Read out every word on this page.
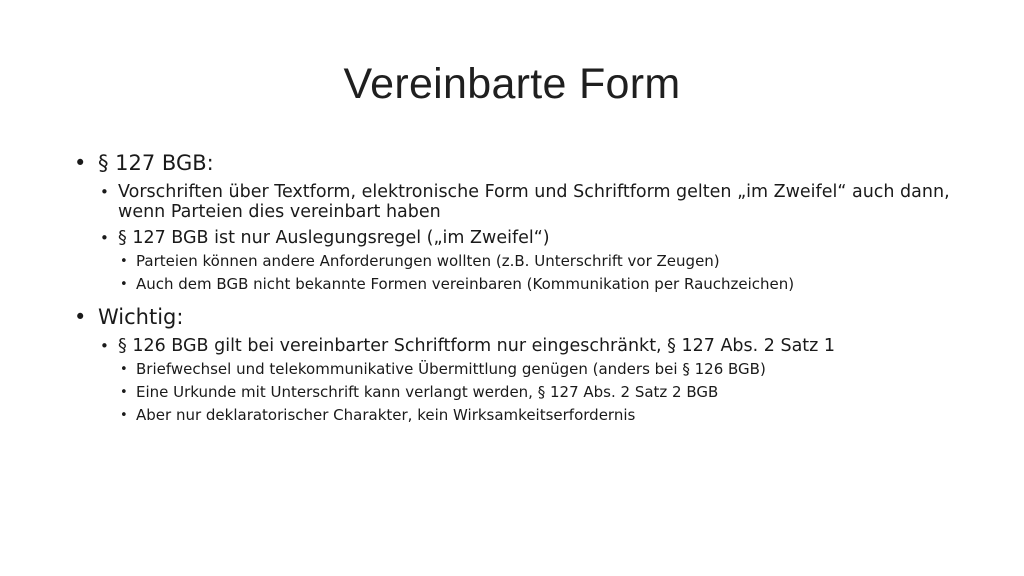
Vereinbarte Form
• § 127 BGB:
• Vorschriften über Textform, elektronische Form und Schriftform gelten „im Zweifel“ auch dann, wenn Parteien dies vereinbart haben
• § 127 BGB ist nur Auslegungsregel („im Zweifel“)
• Parteien können andere Anforderungen wollten (z.B. Unterschrift vor Zeugen)
• Auch dem BGB nicht bekannte Formen vereinbaren (Kommunikation per Rauchzeichen)
• Wichtig:
• § 126 BGB gilt bei vereinbarter Schriftform nur eingeschränkt, § 127 Abs. 2 Satz 1
• Briefwechsel und telekommunikative Übermittlung genügen (anders bei § 126 BGB)
• Eine Urkunde mit Unterschrift kann verlangt werden, § 127 Abs. 2 Satz 2 BGB
• Aber nur deklaratorischer Charakter, kein Wirksamkeitserfordernis
